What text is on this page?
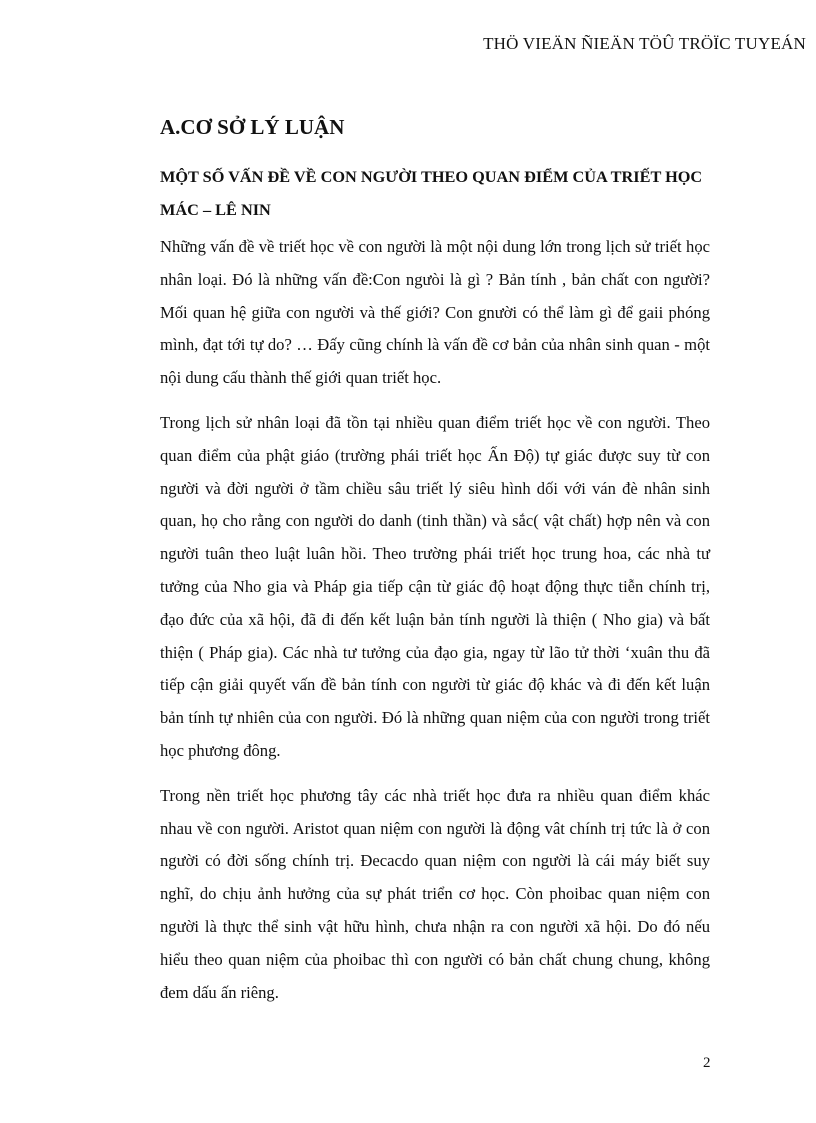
THÖ VIEÄN ÑIEÄN TÖÛ TRÖÏC TUYEÁN
A.CƠ SỞ LÝ LUẬN
MỘT SỐ VẤN ĐỀ VỀ CON NGƯỜI THEO QUAN ĐIỂM CỦA TRIẾT HỌC MÁC – LÊ NIN

Những vấn đề về triết học về con người là một nội dung lớn trong lịch sử triết học nhân loại. Đó là những vấn đề:Con ngưòi là gì ? Bản tính , bản chất con người? Mối quan hệ giữa con người và thế giới? Con gnười có thể làm gì để gaii phóng mình, đạt tới tự do? … Đấy cũng chính là vấn đề cơ bản của nhân sinh quan - một nội dung cấu thành thế giới quan triết học.

Trong lịch sử nhân loại đã tồn tại nhiều quan điểm triết học về con người. Theo quan điểm của phật giáo (trường phái triết học Ấn Độ) tự giác được suy từ con người và đời người ở tầm chiều sâu triết lý siêu hình dối với ván đè nhân sinh quan, họ cho rằng con người do danh (tinh thần) và sắc( vật chất) hợp nên và con người tuân theo luật luân hồi. Theo trường phái triết học trung hoa, các nhà tư tưởng của Nho gia và Pháp gia tiếp cận từ giác độ hoạt động thực tiễn chính trị, đạo đức của xã hội, đã đi đến kết luận bản tính người là thiện ( Nho gia) và bất thiện ( Pháp gia). Các nhà tư tưởng của đạo gia, ngay từ lão tử thời ‘xuân thu đã tiếp cận giải quyết vấn đề bản tính con người từ giác độ khác và đi đến kết luận bản tính tự nhiên của con người. Đó là những quan niệm của con người trong triết học phương đông.

Trong nền triết học phương tây các nhà triết học đưa ra nhiều quan điểm khác nhau về con người. Aristot quan niệm con người là động vât chính trị tức là ở con người có đời sống chính trị. Đecacdo quan niệm con người là cái máy biết suy nghĩ, do chịu ảnh hưởng của sự phát triển cơ học. Còn phoibac quan niệm con người là thực thể sinh vật hữu hình, chưa nhận ra con người xã hội. Do đó nếu hiểu theo quan niệm của phoibac thì con người có bản chất chung chung, không đem dấu ấn riêng.

2
